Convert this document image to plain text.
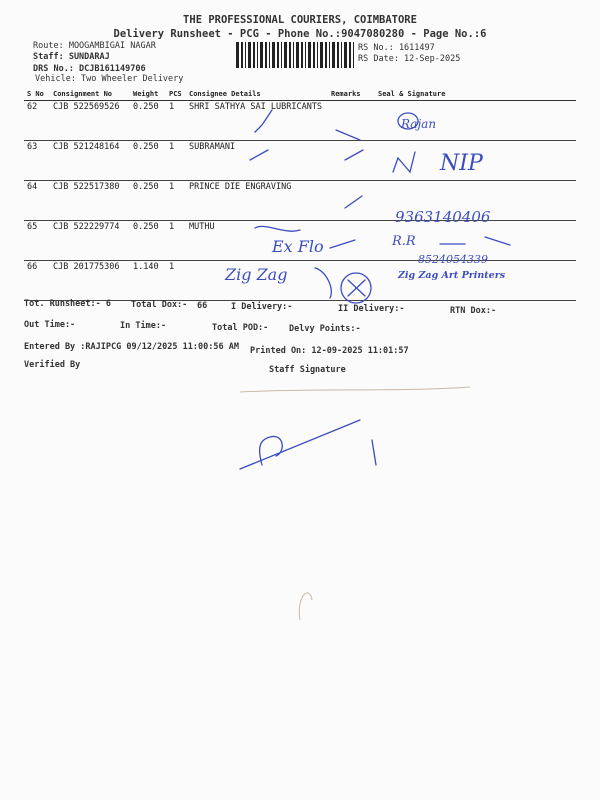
THE PROFESSIONAL COURIERS, COIMBATORE
Delivery Runsheet - PCG - Phone No.:9047080280 - Page No.:6
Route: MOOGAMBIGAI NAGAR
Staff: SUNDARAJ
DRS No.: DCJB161149706
Vehicle: Two Wheeler Delivery
RS No.: 1611497
RS Date: 12-Sep-2025
S No	Consignment No	Weight	PCS	Consignee Details	Remarks	Seal & Signature
62	CJB 522569526	0.250	1	SHRI SATHYA SAI LUBRICANTS		
63	CJB 521248164	0.250	1	SUBRAMANI		
64	CJB 522517380	0.250	1	PRINCE DIE ENGRAVING		
65	CJB 522229774	0.250	1	MUTHU		
66	CJB 201775306	1.140	1			
Tot. Runsheet:- 6 Total Dox:- 66	I Delivery:-	II Delivery:-	RTN Dox:-
Out Time:-	In Time:-	Total POD:- Delvy Points:-
Entered By :RAJIPCG 09/12/2025 11:00:56 AM Printed On: 12-09-2025 11:01:57
Verified By	Staff Signature
Rajan
NIP
9363140406
Ex Flo	R.R
Zig Zag
8524054339
Zig Zag Art Printers
